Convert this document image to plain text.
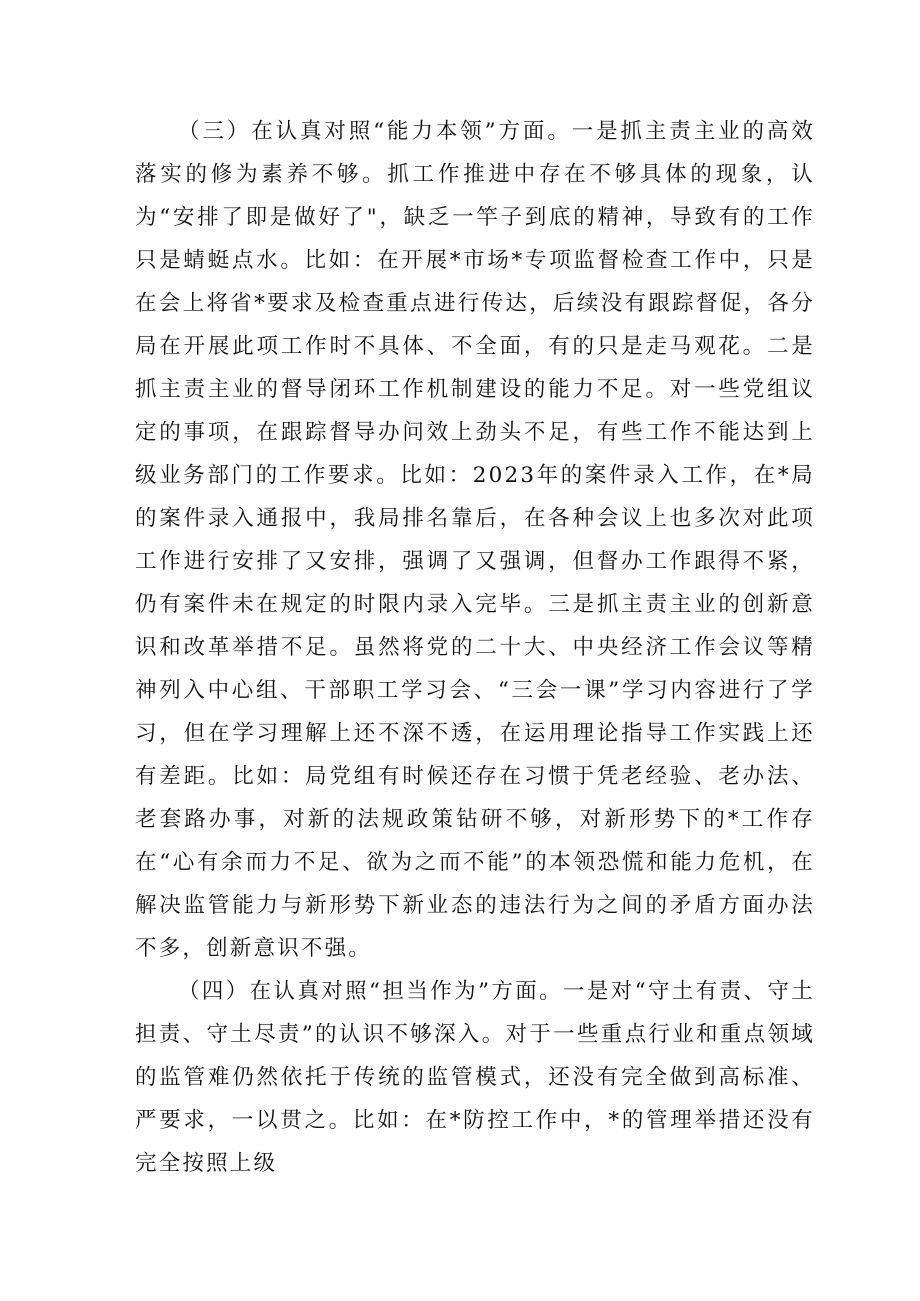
（三）在认真对照“能力本领”方面。一是抓主责主业的高效落实的修为素养不够。抓工作推进中存在不够具体的现象，认为“安排了即是做好了"，缺乏一竿子到底的精神，导致有的工作只是蜻蜓点水。比如：在开展*市场*专项监督检查工作中，只是在会上将省*要求及检查重点进行传达，后续没有跟踪督促，各分局在开展此项工作时不具体、不全面，有的只是走马观花。二是抓主责主业的督导闭环工作机制建设的能力不足。对一些党组议定的事项，在跟踪督导办问效上劲头不足，有些工作不能达到上级业务部门的工作要求。比如：2023年的案件录入工作，在*局的案件录入通报中，我局排名靠后，在各种会议上也多次对此项工作进行安排了又安排，强调了又强调，但督办工作跟得不紧，仍有案件未在规定的时限内录入完毕。三是抓主责主业的创新意识和改革举措不足。虽然将党的二十大、中央经济工作会议等精神列入中心组、干部职工学习会、“三会一课”学习内容进行了学习，但在学习理解上还不深不透，在运用理论指导工作实践上还有差距。比如：局党组有时候还存在习惯于凭老经验、老办法、老套路办事，对新的法规政策钻研不够，对新形势下的*工作存在“心有余而力不足、欲为之而不能”的本领恐慌和能力危机，在解决监管能力与新形势下新业态的违法行为之间的矛盾方面办法不多，创新意识不强。

（四）在认真对照“担当作为”方面。一是对“守土有责、守土担责、守土尽责”的认识不够深入。对于一些重点行业和重点领域的监管难仍然依托于传统的监管模式，还没有完全做到高标准、严要求，一以贯之。比如：在*防控工作中，*的管理举措还没有完全按照上级
